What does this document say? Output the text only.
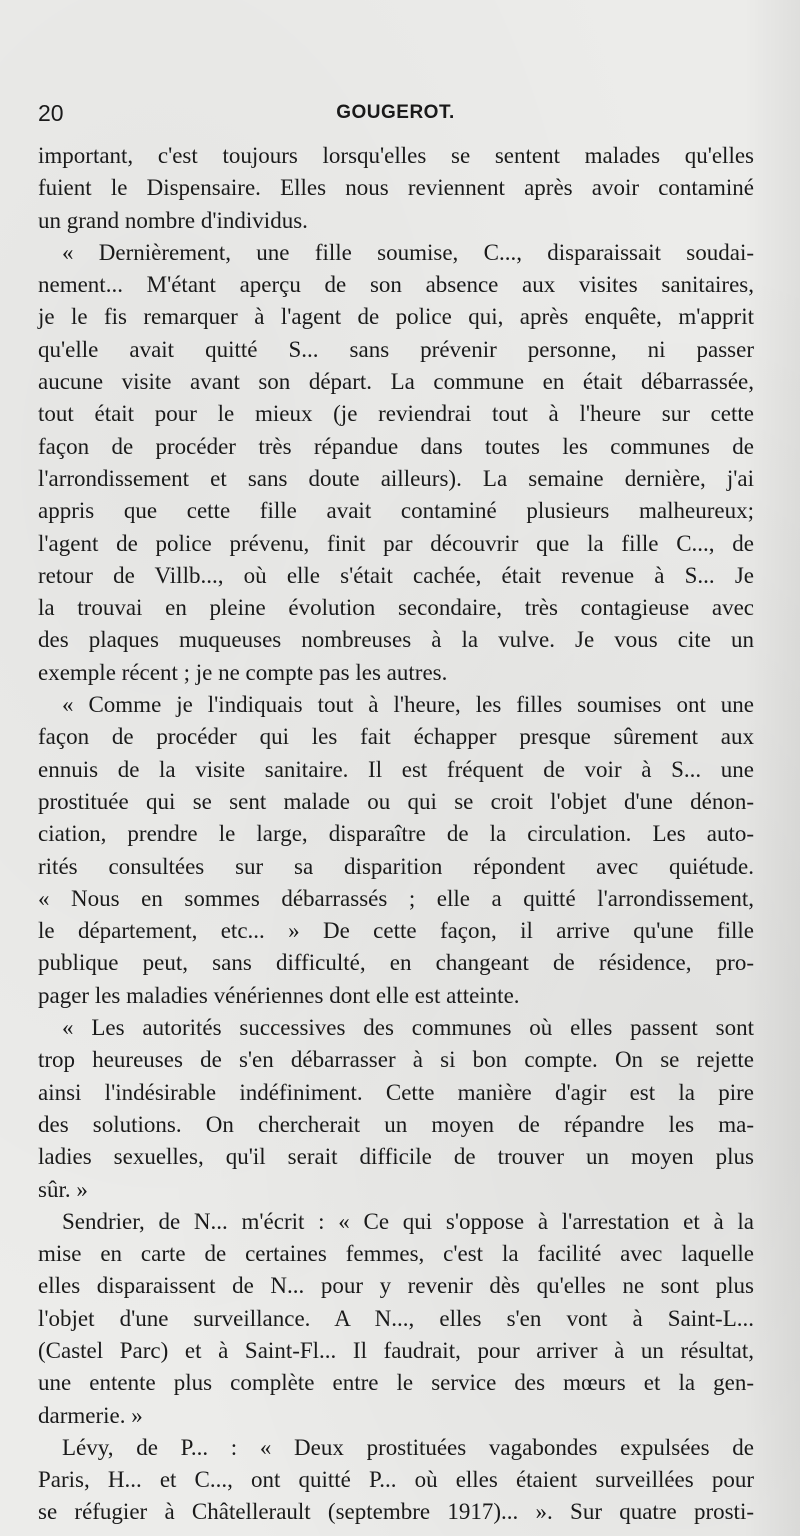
20	GOUGEROT.
important, c'est toujours lorsqu'elles se sentent malades qu'elles
fuient le Dispensaire. Elles nous reviennent après avoir contaminé
un grand nombre d'individus.
« Dernièrement, une fille soumise, C..., disparaissait soudai-
nement... M'étant aperçu de son absence aux visites sanitaires,
je le fis remarquer à l'agent de police qui, après enquête, m'apprit
qu'elle avait quitté S... sans prévenir personne, ni passer
aucune visite avant son départ. La commune en était débarrassée,
tout était pour le mieux (je reviendrai tout à l'heure sur cette
façon de procéder très répandue dans toutes les communes de
l'arrondissement et sans doute ailleurs). La semaine dernière, j'ai
appris que cette fille avait contaminé plusieurs malheureux;
l'agent de police prévenu, finit par découvrir que la fille C..., de
retour de Villb..., où elle s'était cachée, était revenue à S... Je
la trouvai en pleine évolution secondaire, très contagieuse avec
des plaques muqueuses nombreuses à la vulve. Je vous cite un
exemple récent ; je ne compte pas les autres.
« Comme je l'indiquais tout à l'heure, les filles soumises ont une
façon de procéder qui les fait échapper presque sûrement aux
ennuis de la visite sanitaire. Il est fréquent de voir à S... une
prostituée qui se sent malade ou qui se croit l'objet d'une dénon-
ciation, prendre le large, disparaître de la circulation. Les auto-
rités consultées sur sa disparition répondent avec quiétude.
« Nous en sommes débarrassés ; elle a quitté l'arrondissement,
le département, etc... » De cette façon, il arrive qu'une fille
publique peut, sans difficulté, en changeant de résidence, pro-
pager les maladies vénériennes dont elle est atteinte.
« Les autorités successives des communes où elles passent sont
trop heureuses de s'en débarrasser à si bon compte. On se rejette
ainsi l'indésirable indéfiniment. Cette manière d'agir est la pire
des solutions. On chercherait un moyen de répandre les ma-
ladies sexuelles, qu'il serait difficile de trouver un moyen plus
sûr. »
Sendrier, de N... m'écrit : « Ce qui s'oppose à l'arrestation et à la
mise en carte de certaines femmes, c'est la facilité avec laquelle
elles disparaissent de N... pour y revenir dès qu'elles ne sont plus
l'objet d'une surveillance. A N..., elles s'en vont à Saint-L...
(Castel Parc) et à Saint-Fl... Il faudrait, pour arriver à un résultat,
une entente plus complète entre le service des mœurs et la gen-
darmerie. »
Lévy, de P... : « Deux prostituées vagabondes expulsées de
Paris, H... et C..., ont quitté P... où elles étaient surveillées pour
se réfugier à Châtellerault (septembre 1917)... ». Sur quatre prosti-
